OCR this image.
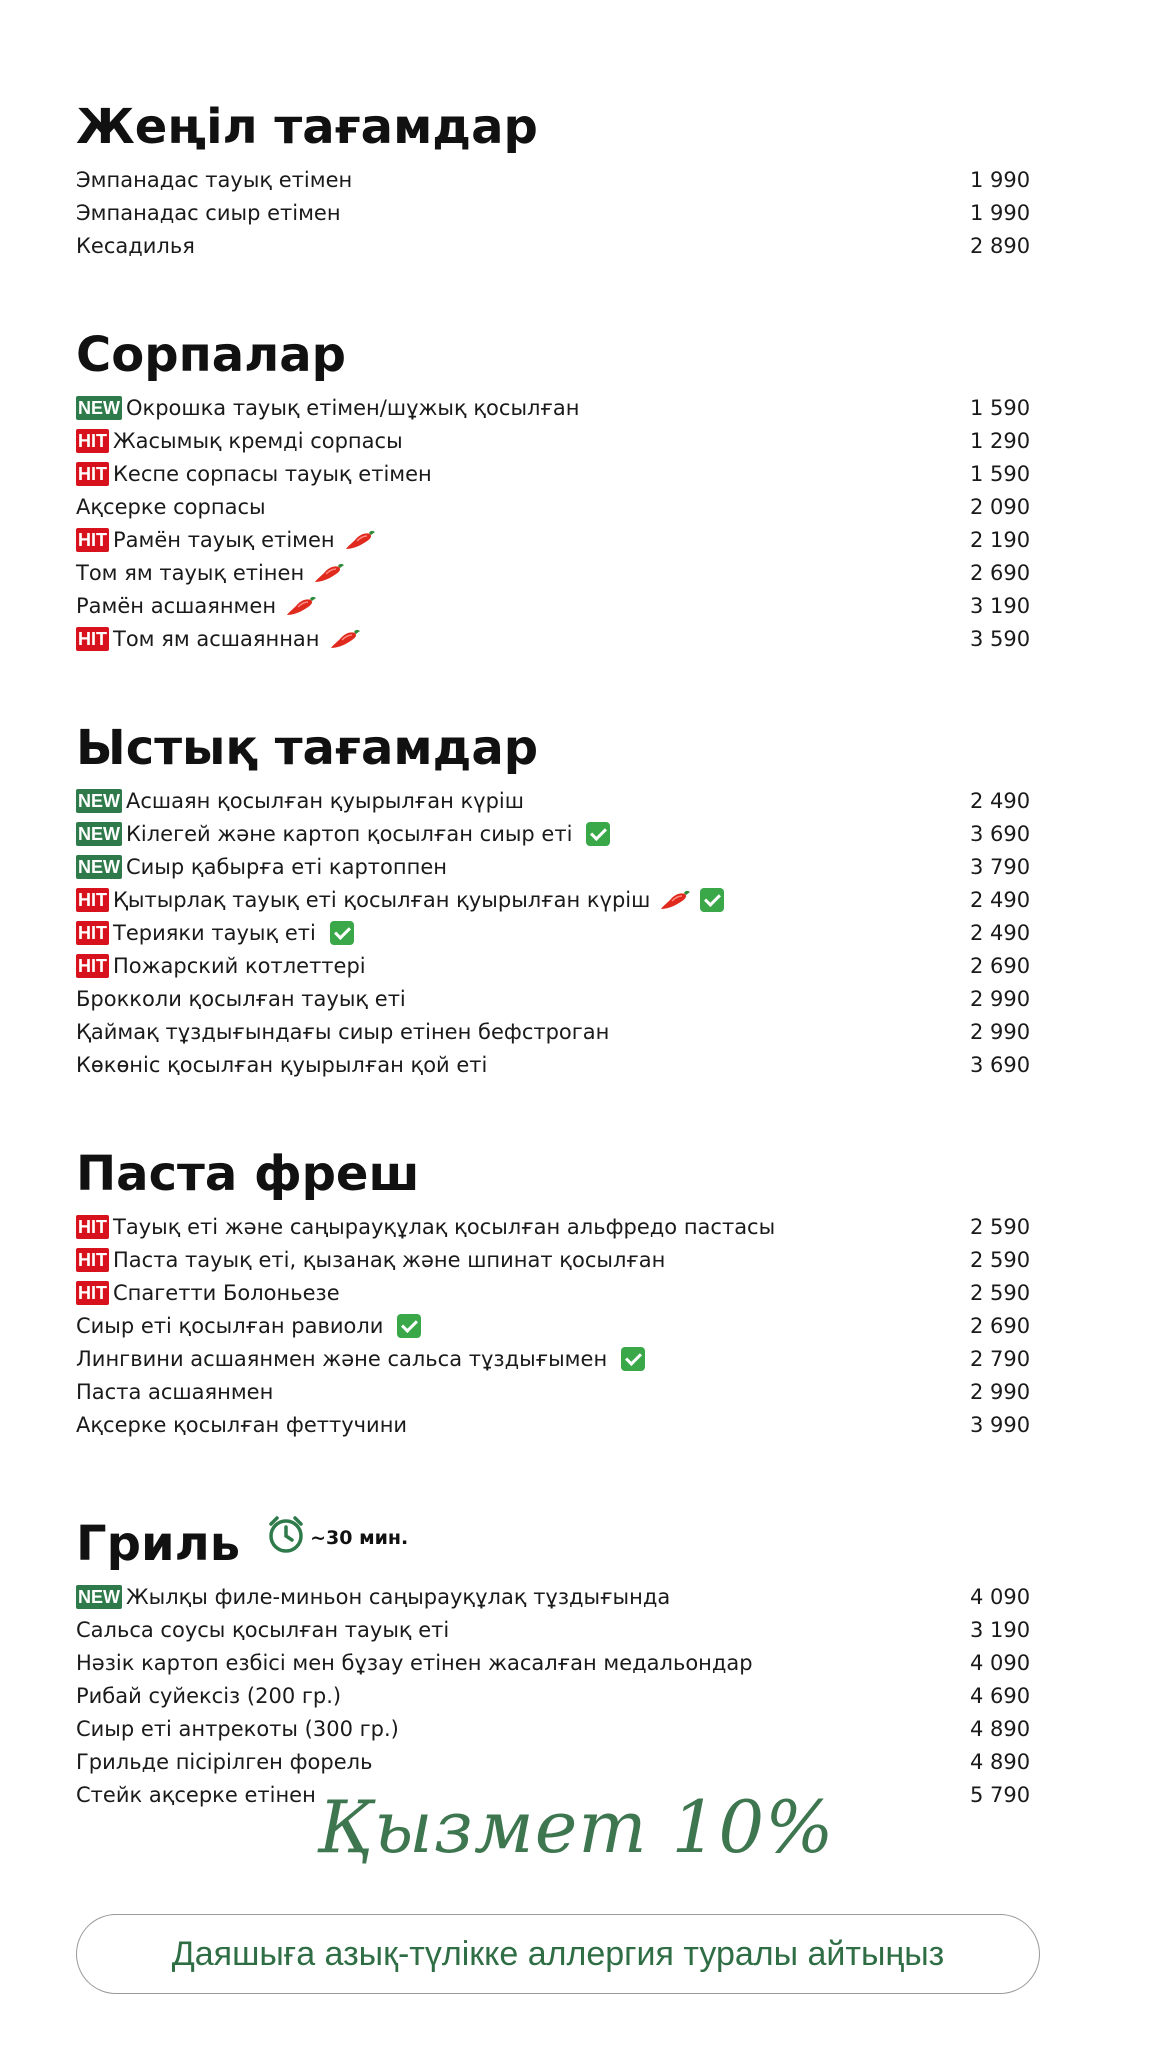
Жеңіл тағамдар
Эмпанадас тауық етімен	1 990
Эмпанадас сиыр етімен	1 990
Кесадилья	2 890
Сорпалар
NEW Окрошка тауық етімен/шұжық қосылған	1 590
HIT Жасымық кремді сорпасы	1 290
HIT Кеспе сорпасы тауық етімен	1 590
Ақсерке сорпасы	2 090
HIT Рамён тауық етімен	2 190
Том ям тауық етінен	2 690
Рамён асшаянмен	3 190
HIT Том ям асшаяннан	3 590
Ыстық тағамдар
NEW Асшаян қосылған қуырылған күріш	2 490
NEW Кілегей және картоп қосылған сиыр еті	3 690
NEW Сиыр қабырға еті картоппен	3 790
HIT Қытырлақ тауық еті қосылған қуырылған күріш	2 490
HIT Терияки тауық еті	2 490
HIT Пожарский котлеттері	2 690
Брокколи қосылған тауық еті	2 990
Қаймақ тұздығындағы сиыр етінен бефстроган	2 990
Көкөніс қосылған қуырылған қой еті	3 690
Паста фреш
HIT Тауық еті және саңырауқұлақ қосылған альфредо пастасы	2 590
HIT Паста тауық еті, қызанақ және шпинат қосылған	2 590
HIT Спагетти Болоньезе	2 590
Сиыр еті қосылған равиоли	2 690
Лингвини асшаянмен және сальса тұздығымен	2 790
Паста асшаянмен	2 990
Ақсерке қосылған феттучини	3 990
Гриль	~30 мин.
NEW Жылқы филе-миньон саңырауқұлақ тұздығында	4 090
Сальса соусы қосылған тауық еті	3 190
Нәзік картоп езбісі мен бұзау етінен жасалған медальондар	4 090
Рибай суйексіз (200 гр.)	4 690
Сиыр еті антрекоты (300 гр.)	4 890
Грильде пісірілген форель	4 890
Стейк ақсерке етінен	5 790
Қызмет 10%
Даяшыға азық-түлікке аллергия туралы айтыңыз
